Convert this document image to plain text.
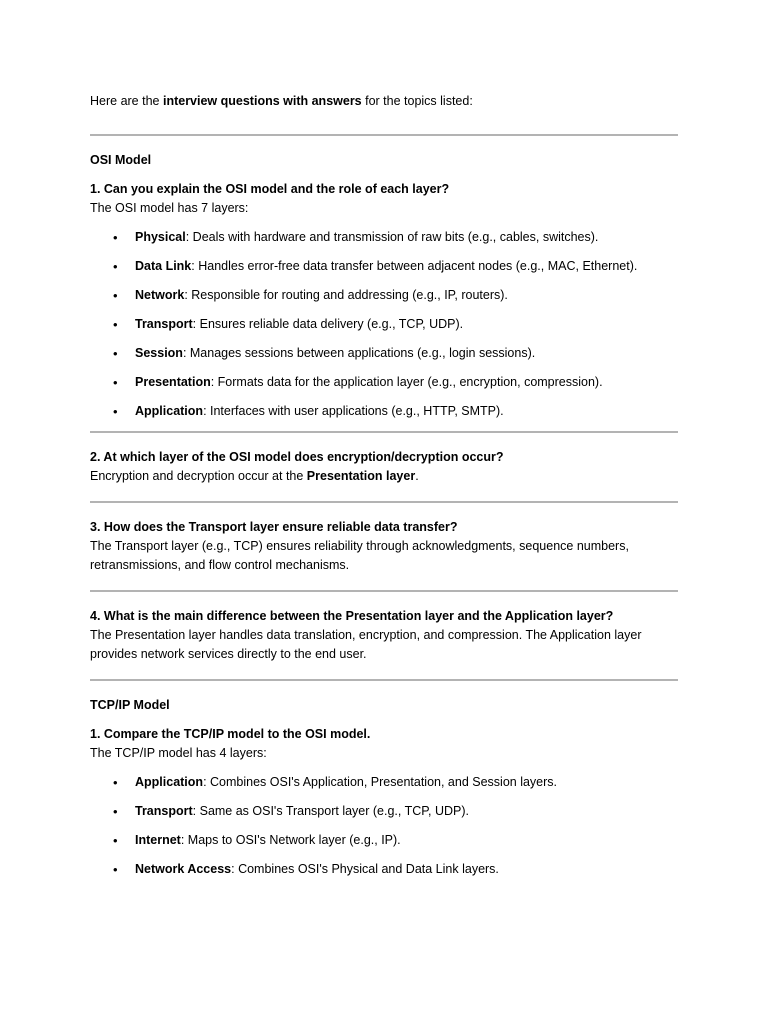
Here are the interview questions with answers for the topics listed:

OSI Model

1. Can you explain the OSI model and the role of each layer?

The OSI model has 7 layers:

• Physical: Deals with hardware and transmission of raw bits (e.g., cables, switches).
• Data Link: Handles error-free data transfer between adjacent nodes (e.g., MAC, Ethernet).
• Network: Responsible for routing and addressing (e.g., IP, routers).
• Transport: Ensures reliable data delivery (e.g., TCP, UDP).
• Session: Manages sessions between applications (e.g., login sessions).
• Presentation: Formats data for the application layer (e.g., encryption, compression).
• Application: Interfaces with user applications (e.g., HTTP, SMTP).

2. At which layer of the OSI model does encryption/decryption occur?

Encryption and decryption occur at the Presentation layer.

3. How does the Transport layer ensure reliable data transfer?

The Transport layer (e.g., TCP) ensures reliability through acknowledgments, sequence numbers, retransmissions, and flow control mechanisms.

4. What is the main difference between the Presentation layer and the Application layer?

The Presentation layer handles data translation, encryption, and compression. The Application layer provides network services directly to the end user.

TCP/IP Model

1. Compare the TCP/IP model to the OSI model.

The TCP/IP model has 4 layers:

• Application: Combines OSI's Application, Presentation, and Session layers.
• Transport: Same as OSI's Transport layer (e.g., TCP, UDP).
• Internet: Maps to OSI's Network layer (e.g., IP).
• Network Access: Combines OSI's Physical and Data Link layers.
